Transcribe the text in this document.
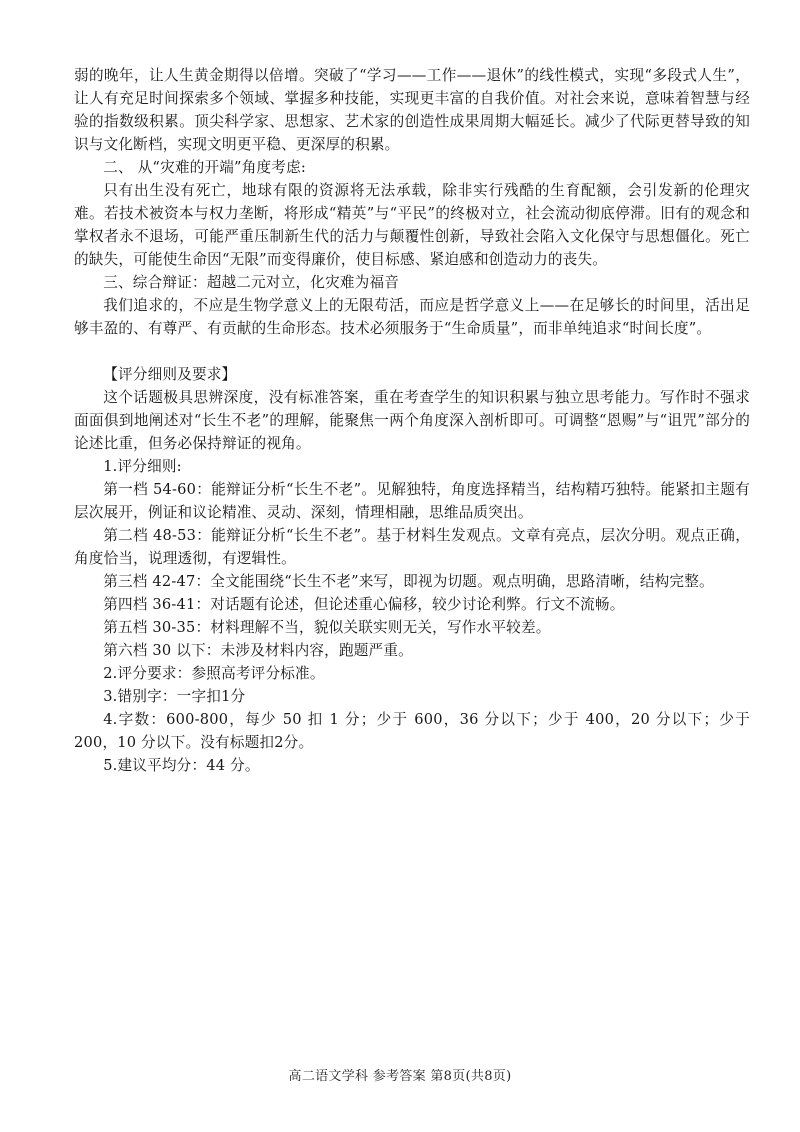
弱的晚年，让人生黄金期得以倍增。突破了“学习——工作——退休”的线性模式，实现“多段式人生”，让人有充足时间探索多个领域、掌握多种技能，实现更丰富的自我价值。对社会来说，意味着智慧与经验的指数级积累。顶尖科学家、思想家、艺术家的创造性成果周期大幅延长。减少了代际更替导致的知识与文化断档，实现文明更平稳、更深厚的积累。

二、 从“灾难的开端”角度考虑:

只有出生没有死亡，地球有限的资源将无法承载，除非实行残酷的生育配额，会引发新的伦理灾难。若技术被资本与权力垄断，将形成“精英”与“平民”的终极对立，社会流动彻底停滞。旧有的观念和掌权者永不退场，可能严重压制新生代的活力与颠覆性创新，导致社会陷入文化保守与思想僵化。死亡的缺失，可能使生命因“无限”而变得廉价，使目标感、紧迫感和创造动力的丧失。

三、综合辩证：超越二元对立，化灾难为福音

我们追求的，不应是生物学意义上的无限苟活，而应是哲学意义上——在足够长的时间里，活出足够丰盈的、有尊严、有贡献的生命形态。技术必须服务于“生命质量”，而非单纯追求“时间长度”。

【评分细则及要求】

这个话题极具思辨深度，没有标准答案，重在考查学生的知识积累与独立思考能力。写作时不强求面面俱到地阐述对“长生不老”的理解，能聚焦一两个角度深入剖析即可。可调整“恩赐”与“诅咒”部分的论述比重，但务必保持辩证的视角。

1.评分细则:

第一档 54-60：能辩证分析“长生不老”。见解独特，角度选择精当，结构精巧独特。能紧扣主题有层次展开，例证和议论精准、灵动、深刻，情理相融，思维品质突出。

第二档 48-53：能辩证分析“长生不老”。基于材料生发观点。文章有亮点，层次分明。观点正确，角度恰当，说理透彻，有逻辑性。

第三档 42-47：全文能围绕“长生不老”来写，即视为切题。观点明确，思路清晰，结构完整。

第四档 36-41：对话题有论述，但论述重心偏移，较少讨论利弊。行文不流畅。

第五档 30-35：材料理解不当，貌似关联实则无关，写作水平较差。

第六档 30 以下：未涉及材料内容，跑题严重。

2.评分要求：参照高考评分标准。

3.错别字：一字扣1分

4.字数：600-800，每少 50 扣 1 分；少于 600，36 分以下；少于 400，20 分以下；少于 200，10 分以下。没有标题扣2分。

5.建议平均分：44 分。

高二语文学科 参考答案 第8页(共8页)
